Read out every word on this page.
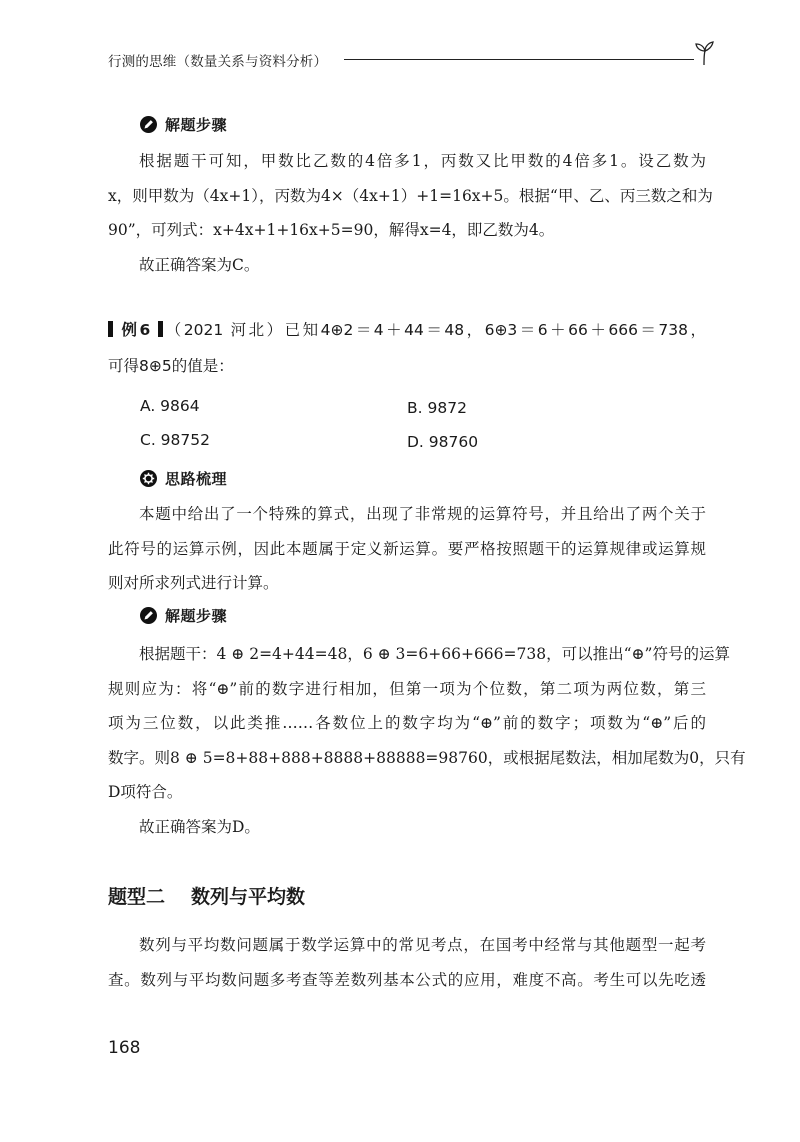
行测的思维（数量关系与资料分析）
解题步骤
根据题干可知，甲数比乙数的4倍多1，丙数又比甲数的4倍多1。设乙数为
x，则甲数为（4x+1），丙数为4×（4x+1）+1=16x+5。根据“甲、乙、丙三数之和为
90”，可列式：x+4x+1+16x+5=90，解得x=4，即乙数为4。
故正确答案为C。
例6 （2021 河北）已知4⊕2＝4＋44＝48，6⊕3＝6＋66＋666＝738，
可得8⊕5的值是：
A. 9864	B. 9872
C. 98752	D. 98760
思路梳理
本题中给出了一个特殊的算式，出现了非常规的运算符号，并且给出了两个关于
此符号的运算示例，因此本题属于定义新运算。要严格按照题干的运算规律或运算规
则对所求列式进行计算。
解题步骤
根据题干：4 ⊕ 2=4+44=48，6 ⊕ 3=6+66+666=738，可以推出“⊕”符号的运算
规则应为：将“⊕”前的数字进行相加，但第一项为个位数，第二项为两位数，第三
项为三位数，以此类推……各数位上的数字均为“⊕”前的数字；项数为“⊕”后的
数字。则8 ⊕ 5=8+88+888+8888+88888=98760，或根据尾数法，相加尾数为0，只有
D项符合。
故正确答案为D。
题型二 数列与平均数
数列与平均数问题属于数学运算中的常见考点，在国考中经常与其他题型一起考
查。数列与平均数问题多考查等差数列基本公式的应用，难度不高。考生可以先吃透
168
